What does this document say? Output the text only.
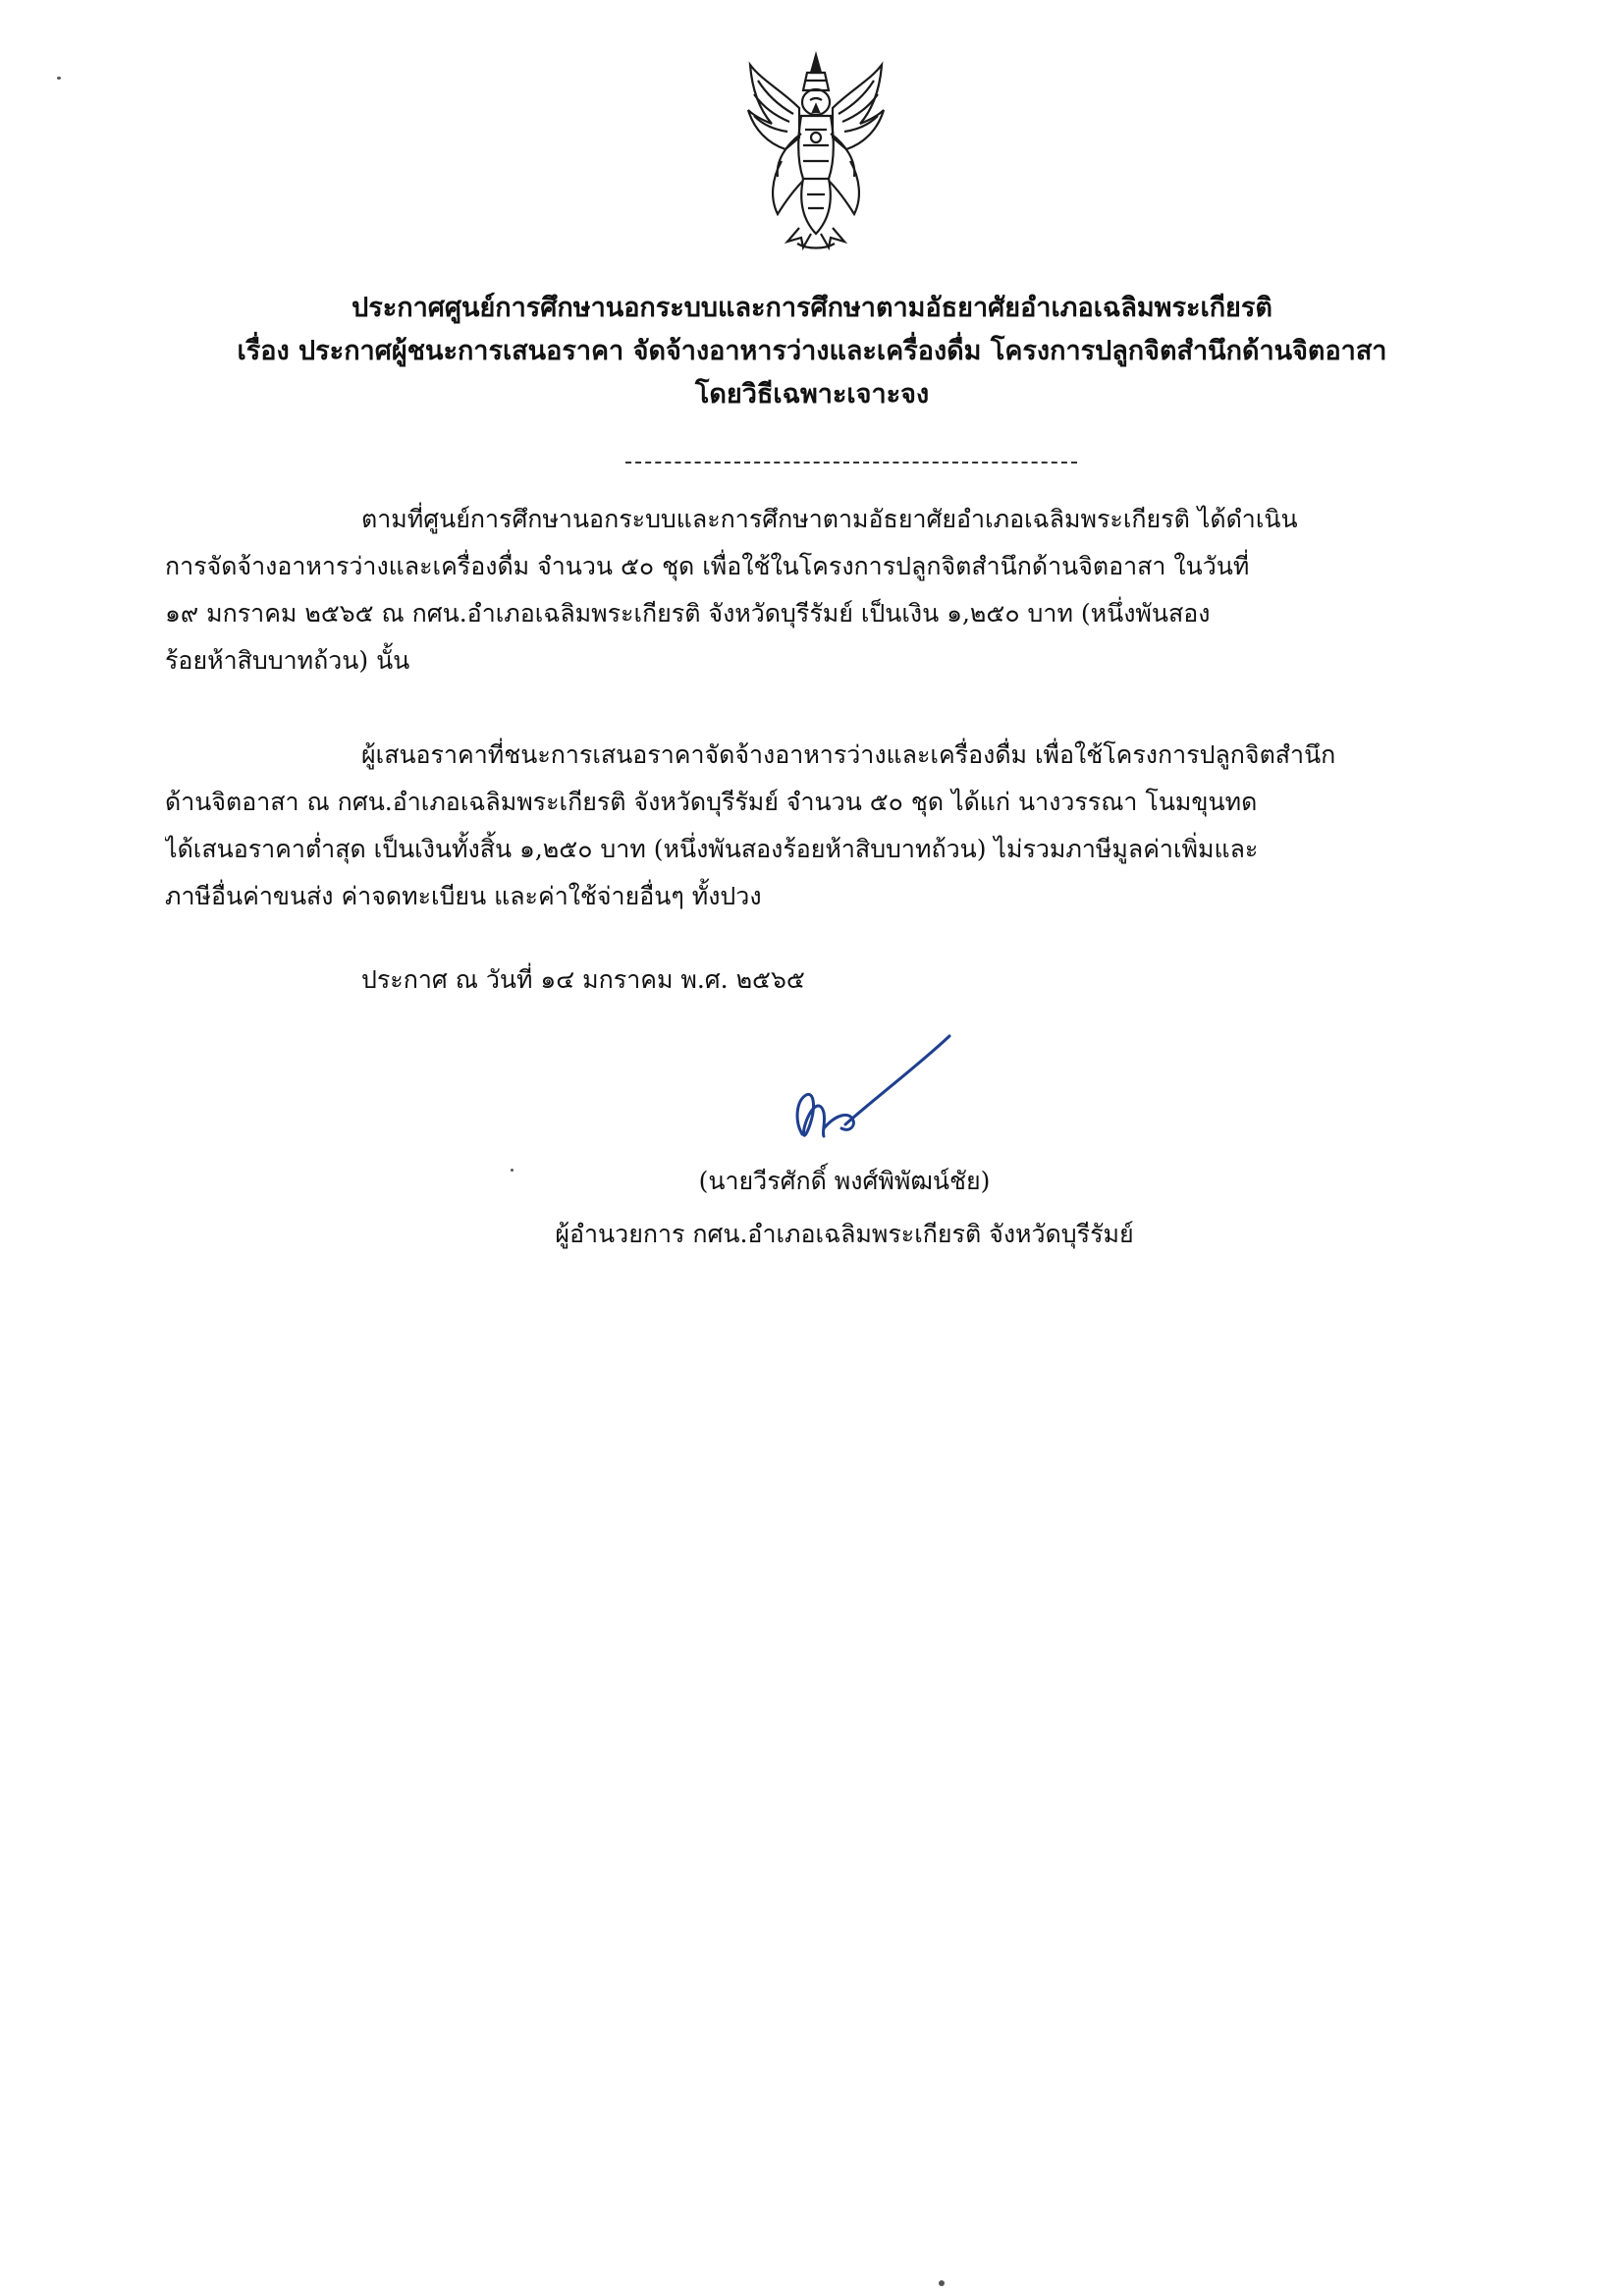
ประกาศศูนย์การศึกษานอกระบบและการศึกษาตามอัธยาศัยอำเภอเฉลิมพระเกียรติ
เรื่อง ประกาศผู้ชนะการเสนอราคา จัดจ้างอาหารว่างและเครื่องดื่ม โครงการปลูกจิตสำนึกด้านจิตอาสา
โดยวิธีเฉพาะเจาะจง
ตามที่ศูนย์การศึกษานอกระบบและการศึกษาตามอัธยาศัยอำเภอเฉลิมพระเกียรติ ได้ดำเนิน
การจัดจ้างอาหารว่างและเครื่องดื่ม จำนวน ๕๐ ชุด เพื่อใช้ในโครงการปลูกจิตสำนึกด้านจิตอาสา ในวันที่
๑๙ มกราคม ๒๕๖๕ ณ กศน.อำเภอเฉลิมพระเกียรติ จังหวัดบุรีรัมย์ เป็นเงิน ๑,๒๕๐ บาท (หนึ่งพันสอง
ร้อยห้าสิบบาทถ้วน) นั้น
ผู้เสนอราคาที่ชนะการเสนอราคาจัดจ้างอาหารว่างและเครื่องดื่ม เพื่อใช้โครงการปลูกจิตสำนึก
ด้านจิตอาสา ณ กศน.อำเภอเฉลิมพระเกียรติ จังหวัดบุรีรัมย์ จำนวน ๕๐ ชุด ได้แก่ นางวรรณา โนมขุนทด
ได้เสนอราคาต่ำสุด เป็นเงินทั้งสิ้น ๑,๒๕๐ บาท (หนึ่งพันสองร้อยห้าสิบบาทถ้วน) ไม่รวมภาษีมูลค่าเพิ่มและ
ภาษีอื่นค่าขนส่ง ค่าจดทะเบียน และค่าใช้จ่ายอื่นๆ ทั้งปวง
ประกาศ ณ วันที่ ๑๔ มกราคม พ.ศ. ๒๕๖๕
(นายวีรศักดิ์ พงศ์พิพัฒน์ชัย)
ผู้อำนวยการ กศน.อำเภอเฉลิมพระเกียรติ จังหวัดบุรีรัมย์
